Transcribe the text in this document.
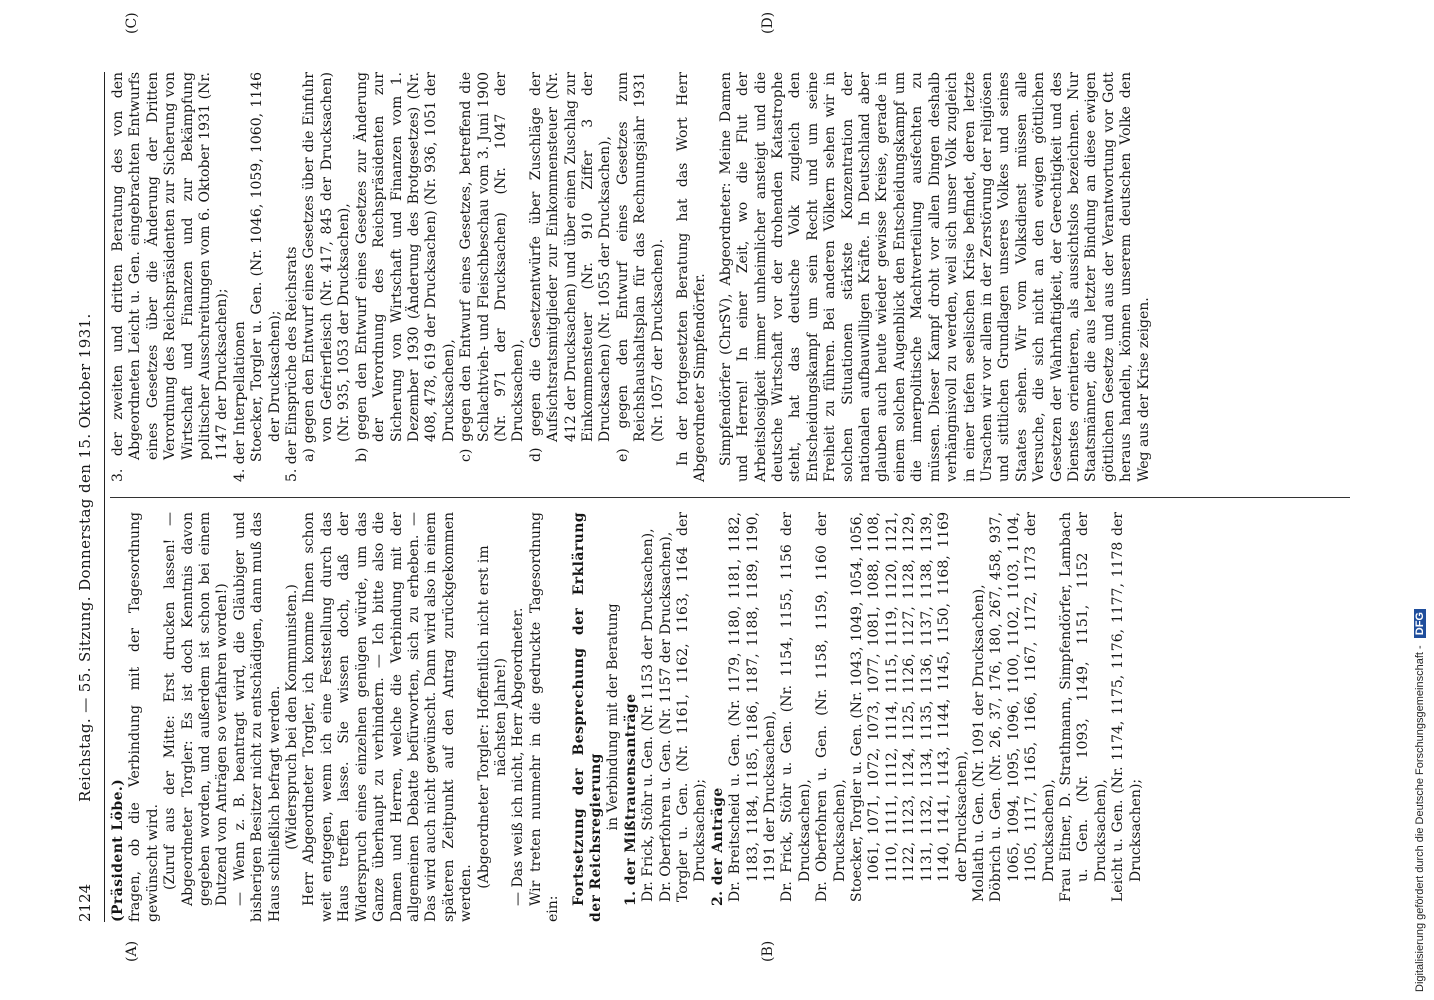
2124
Reichstag. — 55. Sitzung. Donnerstag den 15. Oktober 1931.
(A)	(B)
(C)	(D)

(Präsident Löbe.) fragen, ob die Verbindung mit der Tagesordnung gewünscht wird. (Zuruf aus der Mitte: Erst drucken lassen! — Abgeordneter Torgler: Es ist doch Kenntnis davon gegeben worden, und außerdem ist schon bei einem Dutzend von Anträgen so verfahren worden!) — Wenn z. B. beantragt wird, die Gläubiger und bisherigen Besitzer nicht zu entschädigen, dann muß das Haus schließlich befragt werden. (Widerspruch bei den Kommunisten.) Herr Abgeordneter Torgler, ich komme Ihnen schon weit entgegen, wenn ich eine Feststellung durch das Haus treffen lasse. Sie wissen doch, daß der Widerspruch eines einzelnen genügen würde, um das Ganze überhaupt zu verhindern. — Ich bitte also die Damen und Herren, welche die Verbindung mit der allgemeinen Debatte befürworten, sich zu erheben. — Das wird auch nicht gewünscht. Dann wird also in einem späteren Zeitpunkt auf den Antrag zurückgekommen werden.

(Abgeordneter Torgler: Hoffentlich nicht erst im nächsten Jahre!) — Das weiß ich nicht, Herr Abgeordneter. Wir treten nunmehr in die gedruckte Tagesordnung ein:

Fortsetzung der Besprechung der Erklärung der Reichsregierung

in Verbindung mit der Beratung 1. der Mißtrauensanträge Dr. Frick, Stöhr u. Gen. (Nr. 1153 der Drucksachen), Dr. Oberfohren u. Gen. (Nr. 1157 der Drucksachen), Torgler u. Gen. (Nr. 1161, 1162, 1163, 1164 der Drucksachen); 2. der Anträge Dr. Breitscheid u. Gen. (Nr. 1179, 1180, 1181, 1182, 1183, 1184, 1185, 1186, 1187, 1188, 1189, 1190, 1191 der Drucksachen), Dr. Frick, Stöhr u. Gen. (Nr. 1154, 1155, 1156 der Drucksachen), Dr. Oberfohren u. Gen. (Nr. 1158, 1159, 1160 der Drucksachen), Stoecker, Torgler u. Gen. (Nr. 1043, 1049, 1054, 1056, 1061, 1071, 1072, 1073, 1077, 1081, 1088, 1108, 1110, 1111, 1112, 1114, 1115, 1119, 1120, 1121, 1122, 1123, 1124, 1125, 1126, 1127, 1128, 1129, 1131, 1132, 1134, 1135, 1136, 1137, 1138, 1139, 1140, 1141, 1143, 1144, 1145, 1150, 1168, 1169 der Drucksachen), Mollath u. Gen. (Nr. 1091 der Drucksachen), Döbrich u. Gen. (Nr. 26, 37, 176, 180, 267, 458, 937, 1065, 1094, 1095, 1096, 1100, 1102, 1103, 1104, 1105, 1117, 1165, 1166, 1167, 1172, 1173 der Drucksachen), Frau Eitner, D. Strathmann, Simpfendörfer, Lambach u. Gen. (Nr. 1093, 1149, 1151, 1152 der Drucksachen), Leicht u. Gen. (Nr. 1174, 1175, 1176, 1177, 1178 der Drucksachen);

3. der zweiten und dritten Beratung des von den Abgeordneten Leicht u. Gen. eingebrachten Entwurfs eines Gesetzes über die Änderung der Dritten Verordnung des Reichspräsidenten zur Sicherung von Wirtschaft und Finanzen und zur Bekämpfung politischer Ausschreitungen vom 6. Oktober 1931 (Nr. 1147 der Drucksachen); 4. der Interpellationen Stoecker, Torgler u. Gen. (Nr. 1046, 1059, 1060, 1146 der Drucksachen); 5. der Einsprüche des Reichsrats a) gegen den Entwurf eines Gesetzes über die Einfuhr von Gefrierfleisch (Nr. 417, 845 der Drucksachen) (Nr. 935, 1053 der Drucksachen), b) gegen den Entwurf eines Gesetzes zur Änderung der Verordnung des Reichspräsidenten zur Sicherung von Wirtschaft und Finanzen vom 1. Dezember 1930 (Änderung des Brotgesetzes) (Nr. 408, 478, 619 der Drucksachen) (Nr. 936, 1051 der Drucksachen), c) gegen den Entwurf eines Gesetzes, betreffend die Schlachtvieh- und Fleischbeschau vom 3. Juni 1900 (Nr. 971 der Drucksachen) (Nr. 1047 der Drucksachen), d) gegen die Gesetzentwürfe über Zuschläge der Aufsichtsratsmitglieder zur Einkommensteuer (Nr. 412 der Drucksachen) und über einen Zuschlag zur Einkommensteuer (Nr. 910 Ziffer 3 der Drucksachen) (Nr. 1055 der Drucksachen), e) gegen den Entwurf eines Gesetzes zum Reichshaushaltsplan für das Rechnungsjahr 1931 (Nr. 1057 der Drucksachen). In der fortgesetzten Beratung hat das Wort Herr Abgeordneter Simpfendörfer. Simpfendörfer (ChrSV), Abgeordneter: Meine Damen und Herren! In einer Zeit, wo die Flut der Arbeitslosigkeit immer unheimlicher ansteigt und die deutsche Wirtschaft vor der drohenden Katastrophe steht, hat das deutsche Volk zugleich den Entscheidungskampf um sein Recht und um seine Freiheit zu führen. Bei anderen Völkern sehen wir in solchen Situationen stärkste Konzentration der nationalen aufbauwilligen Kräfte. In Deutschland aber glauben auch heute wieder gewisse Kreise, gerade in einem solchen Augenblick den Entscheidungskampf um die innerpolitische Machtverteilung ausfechten zu müssen. Dieser Kampf droht vor allen Dingen deshalb verhängnisvoll zu werden, weil sich unser Volk zugleich in einer tiefen seelischen Krise befindet, deren letzte Ursachen wir vor allem in der Zerstörung der religiösen und sittlichen Grundlagen unseres Volkes und seines Staates sehen. Wir vom Volksdienst müssen alle Versuche, die sich nicht an den ewigen göttlichen Gesetzen der Wahrhaftigkeit, der Gerechtigkeit und des Dienstes orientieren, als aussichtslos bezeichnen. Nur Staatsmänner, die aus letzter Bindung an diese ewigen göttlichen Gesetze und aus der Verantwortung vor Gott heraus handeln, können unserem deutschen Volke den Weg aus der Krise zeigen.

Digitalisierung gefördert durch die Deutsche Forschungsgemeinschaft - DFG
